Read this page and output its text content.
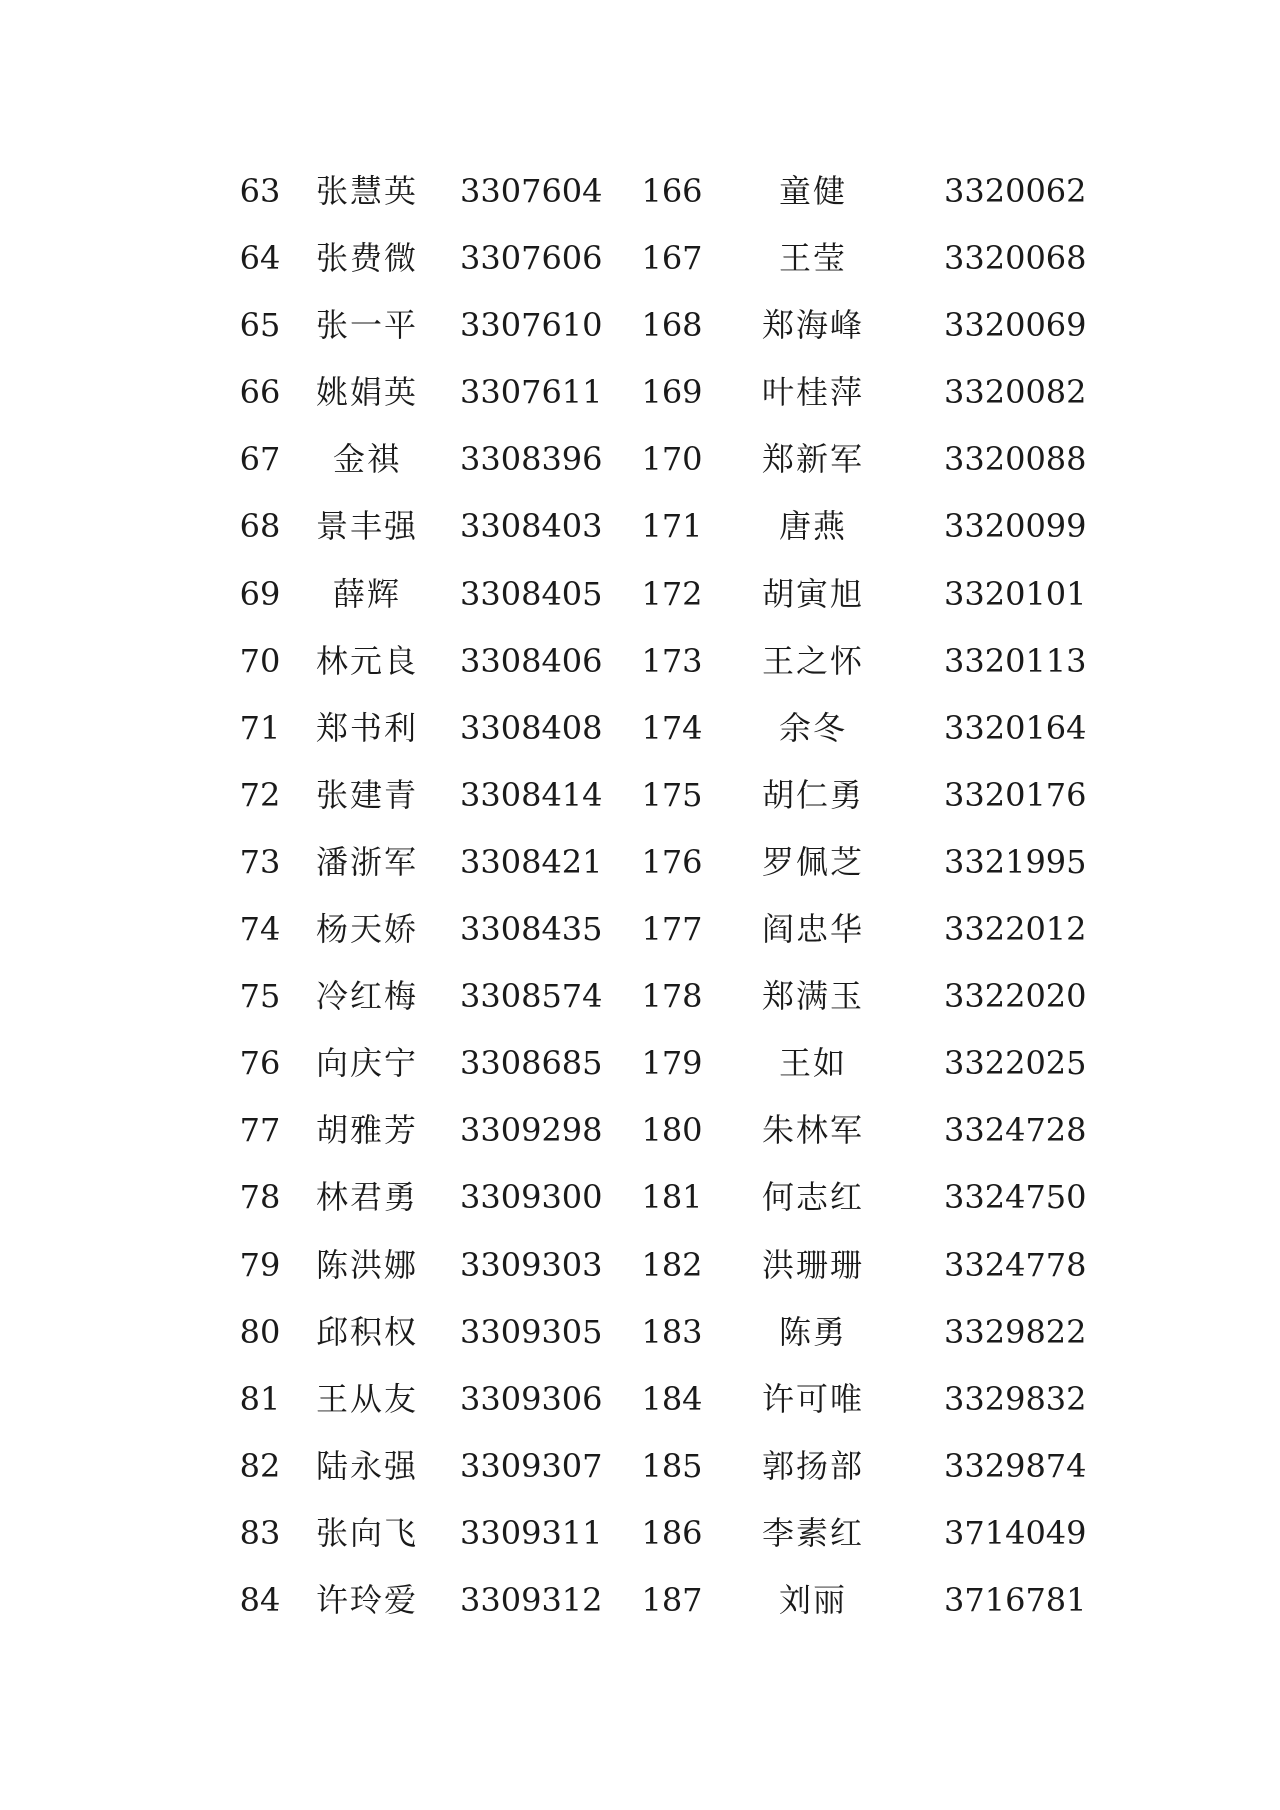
63	张慧英 3307604 166	童健	3320062
64	张费微 3307606 167	王莹	3320068
65	张一平 3307610 168 郑海峰	3320069
66	姚娟英 3307611 169 叶桂萍	3320082
67	金祺	3308396 170 郑新军	3320088
68	景丰强 3308403 171	唐燕	3320099
69	薛辉	3308405 172 胡寅旭	3320101
70	林元良 3308406 173 王之怀	3320113
71	郑书利 3308408 174	余冬	3320164
72	张建青 3308414 175 胡仁勇	3320176
73	潘浙军 3308421 176 罗佩芝	3321995
74	杨天娇 3308435 177 阎忠华	3322012
75	冷红梅 3308574 178 郑满玉	3322020
76	向庆宁 3308685 179	王如	3322025
77	胡雅芳 3309298 180 朱林军	3324728
78	林君勇 3309300 181 何志红	3324750
79	陈洪娜 3309303 182 洪珊珊	3324778
80	邱积权 3309305 183	陈勇	3329822
81	王从友 3309306 184 许可唯	3329832
82	陆永强 3309307 185 郭扬部	3329874
83	张向飞 3309311 186 李素红	3714049
84	许玲爱 3309312 187	刘丽	3716781
